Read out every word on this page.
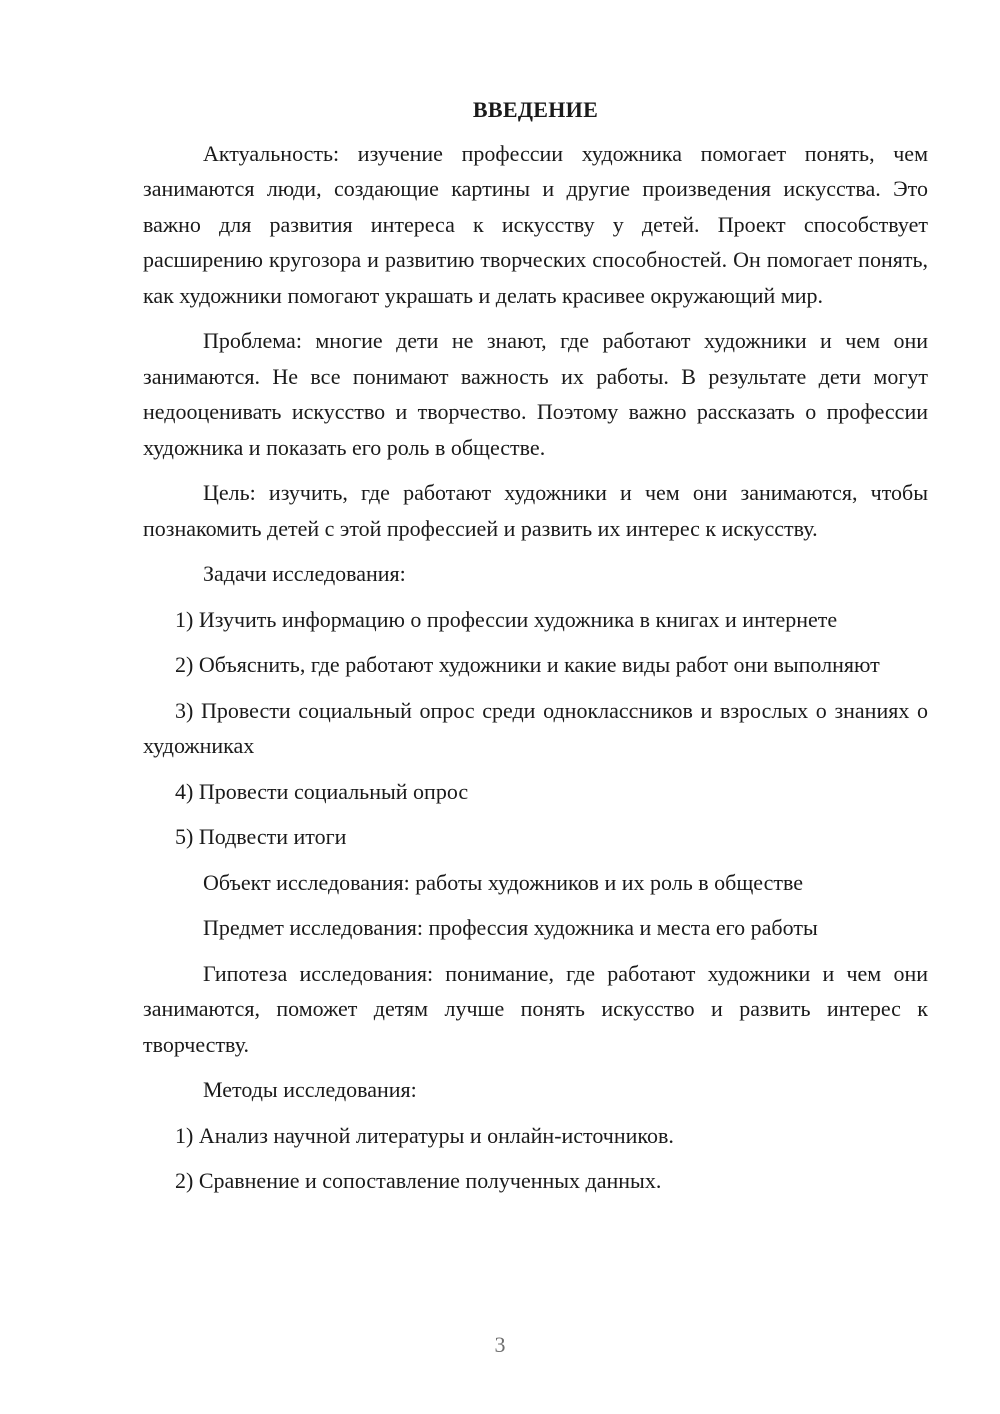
ВВЕДЕНИЕ

Актуальность: изучение профессии художника помогает понять, чем занимаются люди, создающие картины и другие произведения искусства. Это важно для развития интереса к искусству у детей. Проект способствует расширению кругозора и развитию творческих способностей. Он помогает понять, как художники помогают украшать и делать красивее окружающий мир.

Проблема: многие дети не знают, где работают художники и чем они занимаются. Не все понимают важность их работы. В результате дети могут недооценивать искусство и творчество. Поэтому важно рассказать о профессии художника и показать его роль в обществе.

Цель: изучить, где работают художники и чем они занимаются, чтобы познакомить детей с этой профессией и развить их интерес к искусству.

Задачи исследования:

1) Изучить информацию о профессии художника в книгах и интернете

2) Объяснить, где работают художники и какие виды работ они выполняют

3) Провести социальный опрос среди одноклассников и взрослых о знаниях о художниках

4) Провести социальный опрос

5) Подвести итоги

Объект исследования: работы художников и их роль в обществе

Предмет исследования: профессия художника и места его работы

Гипотеза исследования: понимание, где работают художники и чем они занимаются, поможет детям лучше понять искусство и развить интерес к творчеству.

Методы исследования:

1) Анализ научной литературы и онлайн-источников.

2) Сравнение и сопоставление полученных данных.

3
